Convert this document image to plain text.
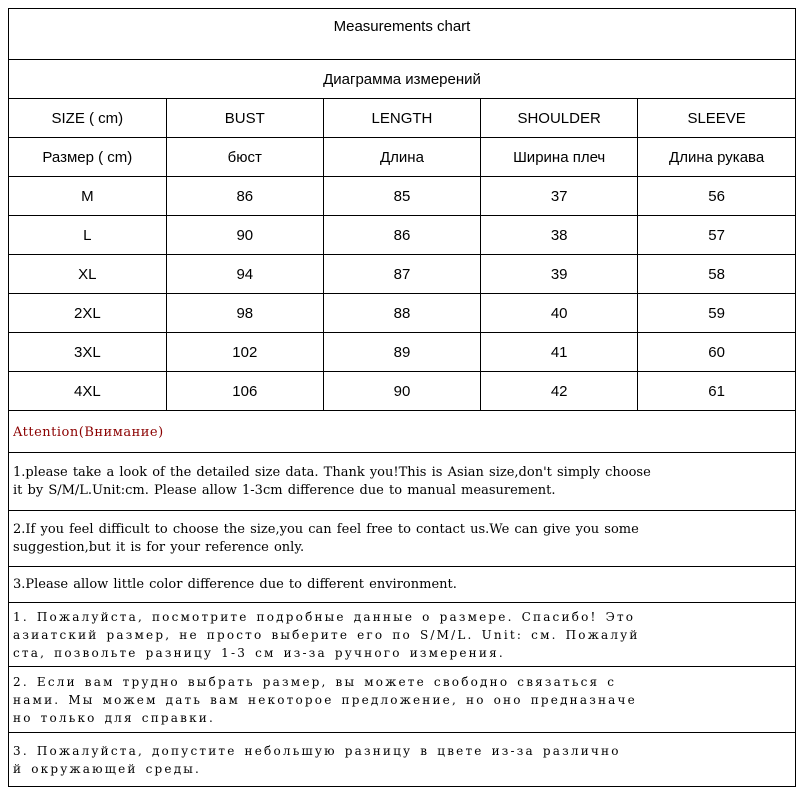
Measurements chart
Диаграмма измерений
SIZE ( cm)	BUST	LENGTH	SHOULDER	SLEEVE
Размер ( cm)	бюст	Длина	Ширина плеч	Длина рукава
M	86	85	37	56
L	90	86	38	57
XL	94	87	39	58
2XL	98	88	40	59
3XL	102	89	41	60
4XL	106	90	42	61
Attention(Внимание)
1.please take a look of the detailed size data. Thank you!This is Asian size,don't simply choose
it by S/M/L.Unit:cm. Please allow 1-3cm difference due to manual measurement.
2.If you feel difficult to choose the size,you can feel free to contact us.We can give you some
suggestion,but it is for your reference only.
3.Please allow little color difference due to different environment.
1. Пожалуйста, посмотрите подробные данные о размере. Спасибо! Это
азиатский размер, не просто выберите его по S/M/L. Unit: см. Пожалуй
ста, позвольте разницу 1-3 см из-за ручного измерения.
2. Если вам трудно выбрать размер, вы можете свободно связаться с
нами. Мы можем дать вам некоторое предложение, но оно предназначе
но только для справки.
3. Пожалуйста, допустите небольшую разницу в цвете из-за различно
й окружающей среды.
